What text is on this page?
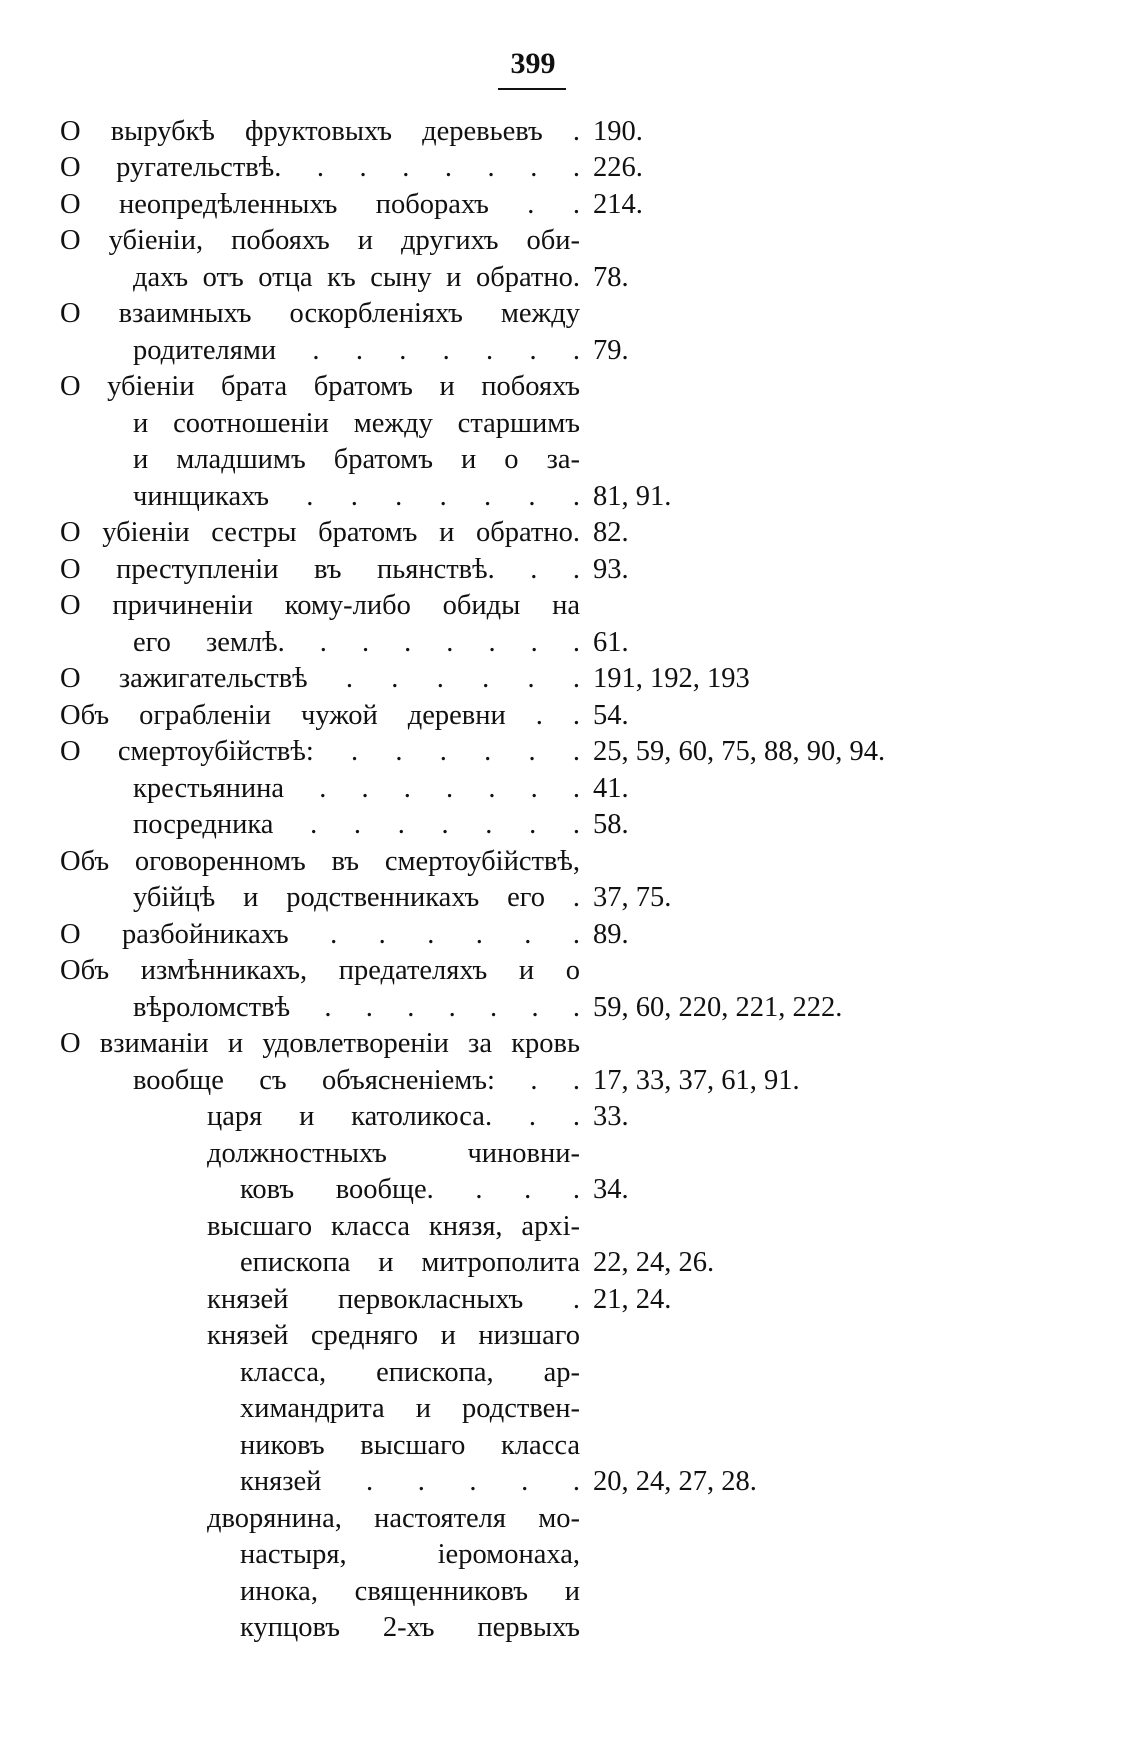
399
О вырубкѣ фруктовыхъ деревьевъ . 190.
О ругательствѣ. . . . . . . . 226.
О неопредѣленныхъ поборахъ . . 214.
О убіеніи, побояхъ и другихъ оби-
дахъ отъ отца къ сыну и обратно. 78.
О взаимныхъ оскорбленіяхъ между
родителями . . . . . . . 79.
О убіеніи брата братомъ и побояхъ
и соотношеніи между старшимъ
и младшимъ братомъ и о за-
чинщикахъ . . . . . . . 81, 91.
О убіеніи сестры братомъ и обратно. 82.
О преступленіи въ пьянствѣ. . . 93.
О причиненіи кому-либо обиды на
его землѣ. . . . . . . . 61.
О зажигательствѣ . . . . . . 191, 192, 193
Объ ограбленіи чужой деревни . . 54.
О смертоубійствѣ: . . . . . . 25, 59, 60, 75, 88, 90, 94.
крестьянина . . . . . . . 41.
посредника . . . . . . . 58.
Объ оговоренномъ въ смертоубійствѣ,
убійцѣ и родственникахъ его . 37, 75.
О разбойникахъ . . . . . . 89.
Объ измѣнникахъ, предателяхъ и о
вѣроломствѣ . . . . . . . 59, 60, 220, 221, 222.
О взиманіи и удовлетвореніи за кровь
вообще съ объясненіемъ: . . 17, 33, 37, 61, 91.
царя и католикоса. . . 33.
должностныхъ чиновни-
ковъ вообще. . . . 34.
высшаго класса князя, архі-
епископа и митрополита 22, 24, 26.
князей первокласныхъ . 21, 24.
князей средняго и низшаго
класса, епископа, ар-
химандрита и родствен-
никовъ высшаго класса
князей . . . . . 20, 24, 27, 28.
дворянина, настоятеля мо-
настыря, іеромонаха,
инока, священниковъ и
купцовъ 2-хъ первыхъ
